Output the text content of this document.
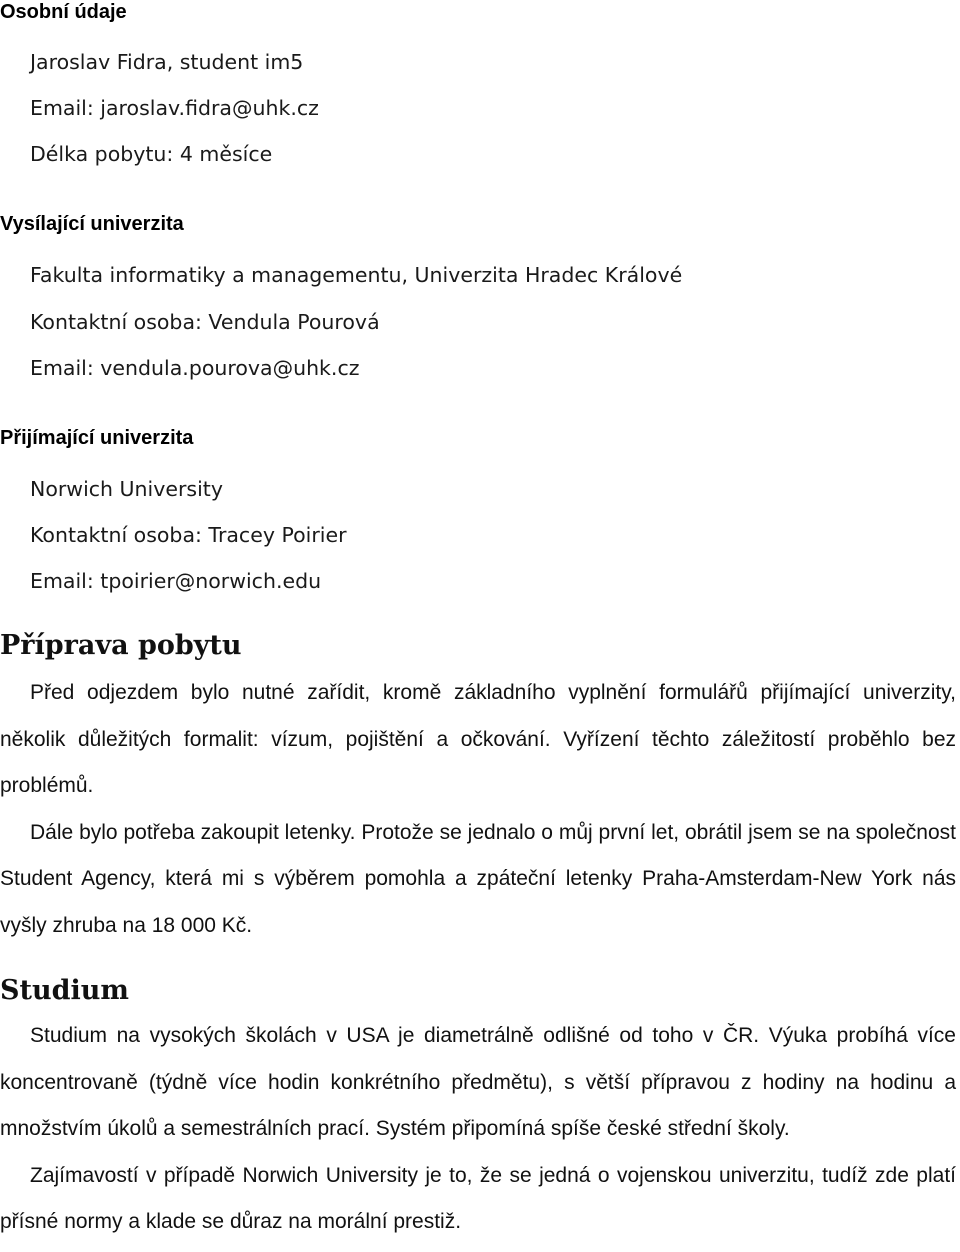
Osobní údaje

Jaroslav Fidra, student im5

Email: jaroslav.fidra@uhk.cz

Délka pobytu: 4 měsíce

Vysílající univerzita

Fakulta informatiky a managementu, Univerzita Hradec Králové

Kontaktní osoba: Vendula Pourová

Email: vendula.pourova@uhk.cz

Přijímající univerzita

Norwich University

Kontaktní osoba: Tracey Poirier

Email: tpoirier@norwich.edu

Příprava pobytu

Před odjezdem bylo nutné zařídit, kromě základního vyplnění formulářů přijímající univerzity, několik důležitých formalit: vízum, pojištění a očkování. Vyřízení těchto záležitostí proběhlo bez problémů.

Dále bylo potřeba zakoupit letenky. Protože se jednalo o můj první let, obrátil jsem se na společnost Student Agency, která mi s výběrem pomohla a zpáteční letenky Praha-Amsterdam-New York nás vyšly zhruba na 18 000 Kč.

Studium

Studium na vysokých školách v USA je diametrálně odlišné od toho v ČR. Výuka probíhá více koncentrovaně (týdně více hodin konkrétního předmětu), s větší přípravou z hodiny na hodinu a množstvím úkolů a semestrálních prací. Systém připomíná spíše české střední školy.

Zajímavostí v případě Norwich University je to, že se jedná o vojenskou univerzitu, tudíž zde platí přísné normy a klade se důraz na morální prestiž.
